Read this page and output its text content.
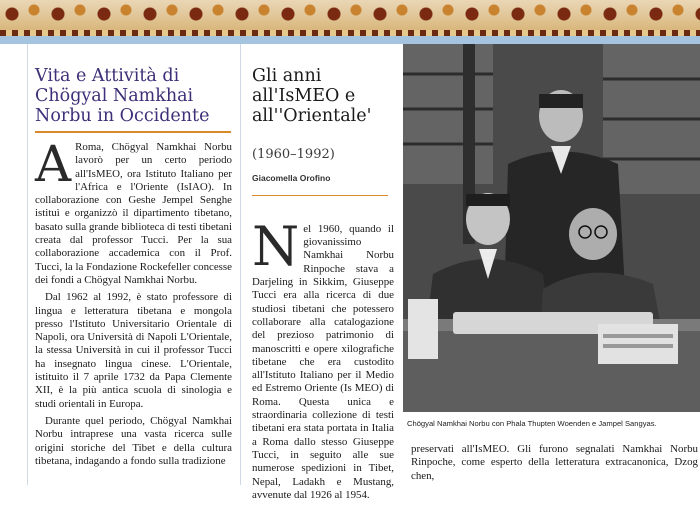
Vita e Attività di Chögyal Namkhai Norbu in Occidente

A Roma, Chögyal Namkhai Norbu lavorò per un certo periodo all'IsMEO, ora Istituto Italiano per l'Africa e l'Oriente (IsIAO). In collaborazione con Geshe Jempel Senghe istituì e organizzò il dipartimento tibetano, basato sulla grande biblioteca di testi tibetani creata dal professor Tucci. Per la sua collaborazione accademica con il Prof. Tucci, la la Fondazione Rockefeller concesse dei fondi a Chögyal Namkhai Norbu.

Dal 1962 al 1992, è stato professore di lingua e letteratura tibetana e mongola presso l'Istituto Universitario Orientale di Napoli, ora Università di Napoli L'Orientale, la stessa Università in cui il professor Tucci ha insegnato lingua cinese. L'Orientale, istituito il 7 aprile 1732 da Papa Clemente XII, è la più antica scuola di sinologia e studi orientali in Europa.

Durante quel periodo, Chögyal Namkhai Norbu intraprese una vasta ricerca sulle origini storiche del Tibet e della cultura tibetana, indagando a fondo sulla tradizione

Gli anni all'IsMEO e all''Orientale'
(1960–1992)
Giacomella Orofino

Nel 1960, quando il giovanissimo Namkhai Norbu Rinpoche stava a Darjeling in Sikkim, Giuseppe Tucci era alla ricerca di due studiosi tibetani che potessero collaborare alla catalogazione del prezioso patrimonio di manoscritti e opere xilografiche tibetane che era custodito all'Istituto Italiano per il Medio ed Estremo Oriente (Is MEO) di Roma. Questa unica e straordinaria collezione di testi tibetani era stata portata in Italia a Roma dallo stesso Giuseppe Tucci, in seguito alle sue numerose spedizioni in Tibet, Nepal, Ladakh e Mustang, avvenute dal 1926 al 1954.

Chögyal Namkhai Norbu con Phala Thupten Woenden e Jampel Sangyas.
preservati all'IsMEO. Gli furono segnalati Namkhai Norbu Rinpoche, come esperto della letteratura extracanonica, Dzog chen,
